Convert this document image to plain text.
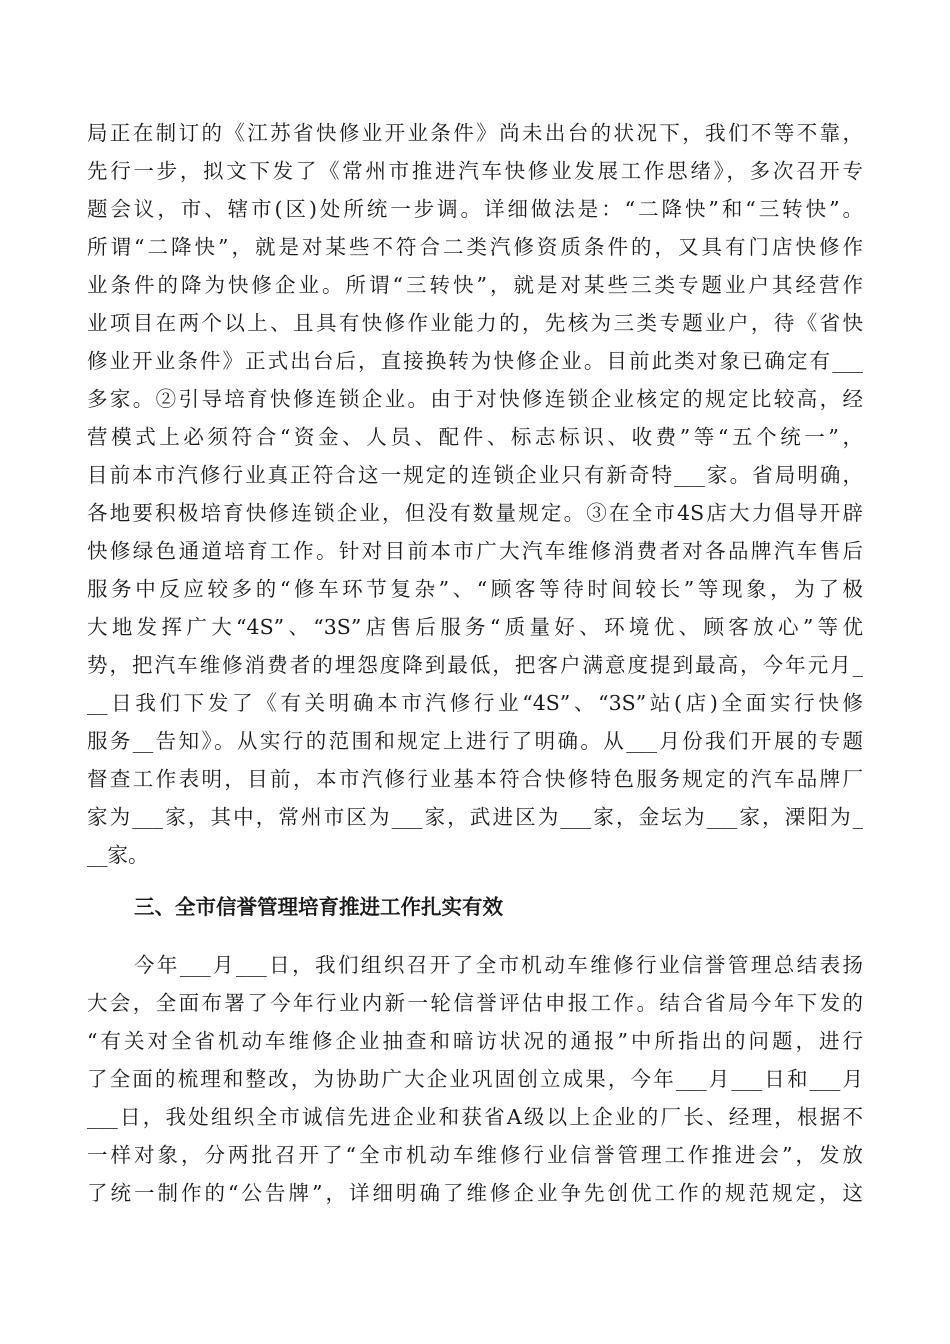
局正在制订的《江苏省快修业开业条件》尚未出台的状况下，我们不等不靠，
先行一步，拟文下发了《常州市推进汽车快修业发展工作思绪》，多次召开专
题会议，市、辖市(区)处所统一步调。详细做法是：“二降快”和“三转快”。
所谓“二降快”，就是对某些不符合二类汽修资质条件的，又具有门店快修作
业条件的降为快修企业。所谓“三转快”，就是对某些三类专题业户其经营作
业项目在两个以上、且具有快修作业能力的，先核为三类专题业户，待《省快
修业开业条件》正式出台后，直接换转为快修企业。目前此类对象已确定有___
多家。②引导培育快修连锁企业。由于对快修连锁企业核定的规定比较高，经
营模式上必须符合“资金、人员、配件、标志标识、收费”等“五个统一”，
目前本市汽修行业真正符合这一规定的连锁企业只有新奇特___家。省局明确，
各地要积极培育快修连锁企业，但没有数量规定。③在全市4S店大力倡导开辟
快修绿色通道培育工作。针对目前本市广大汽车维修消费者对各品牌汽车售后
服务中反应较多的“修车环节复杂”、“顾客等待时间较长”等现象，为了极
大地发挥广大“4S”、“3S”店售后服务“质量好、环境优、顾客放心”等优
势，把汽车维修消费者的埋怨度降到最低，把客户满意度提到最高，今年元月_
__日我们下发了《有关明确本市汽修行业“4S”、“3S”站(店)全面实行快修
服务__告知》。从实行的范围和规定上进行了明确。从___月份我们开展的专题
督查工作表明，目前，本市汽修行业基本符合快修特色服务规定的汽车品牌厂
家为___家，其中，常州市区为___家，武进区为___家，金坛为___家，溧阳为_
__家。
三、全市信誉管理培育推进工作扎实有效
今年___月___日，我们组织召开了全市机动车维修行业信誉管理总结表扬
大会，全面布署了今年行业内新一轮信誉评估申报工作。结合省局今年下发的
“有关对全省机动车维修企业抽查和暗访状况的通报”中所指出的问题，进行
了全面的梳理和整改，为协助广大企业巩固创立成果，今年___月___日和___月
___日，我处组织全市诚信先进企业和获省A级以上企业的厂长、经理，根据不
一样对象，分两批召开了“全市机动车维修行业信誉管理工作推进会”，发放
了统一制作的“公告牌”，详细明确了维修企业争先创优工作的规范规定，这
